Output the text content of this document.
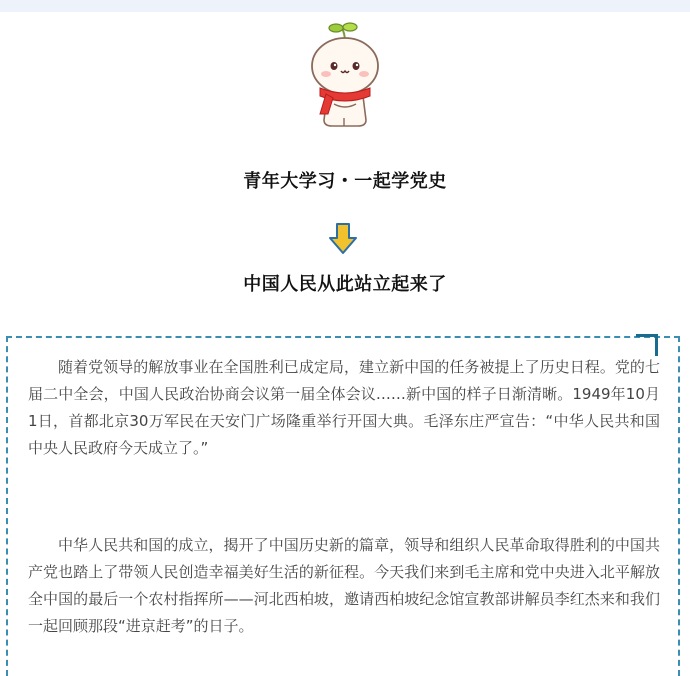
青年大学习・一起学党史
中国人民从此站立起来了

随着党领导的解放事业在全国胜利已成定局，建立新中国的任务被提上了历史日程。党的七届二中全会，中国人民政治协商会议第一届全体会议……新中国的样子日渐清晰。1949年10月1日，首都北京30万军民在天安门广场隆重举行开国大典。毛泽东庄严宣告：“中华人民共和国中央人民政府今天成立了。”

中华人民共和国的成立，揭开了中国历史新的篇章，领导和组织人民革命取得胜利的中国共产党也踏上了带领人民创造幸福美好生活的新征程。今天我们来到毛主席和党中央进入北平解放全中国的最后一个农村指挥所——河北西柏坡，邀请西柏坡纪念馆宣教部讲解员李红杰来和我们一起回顾那段“进京赶考”的日子。
